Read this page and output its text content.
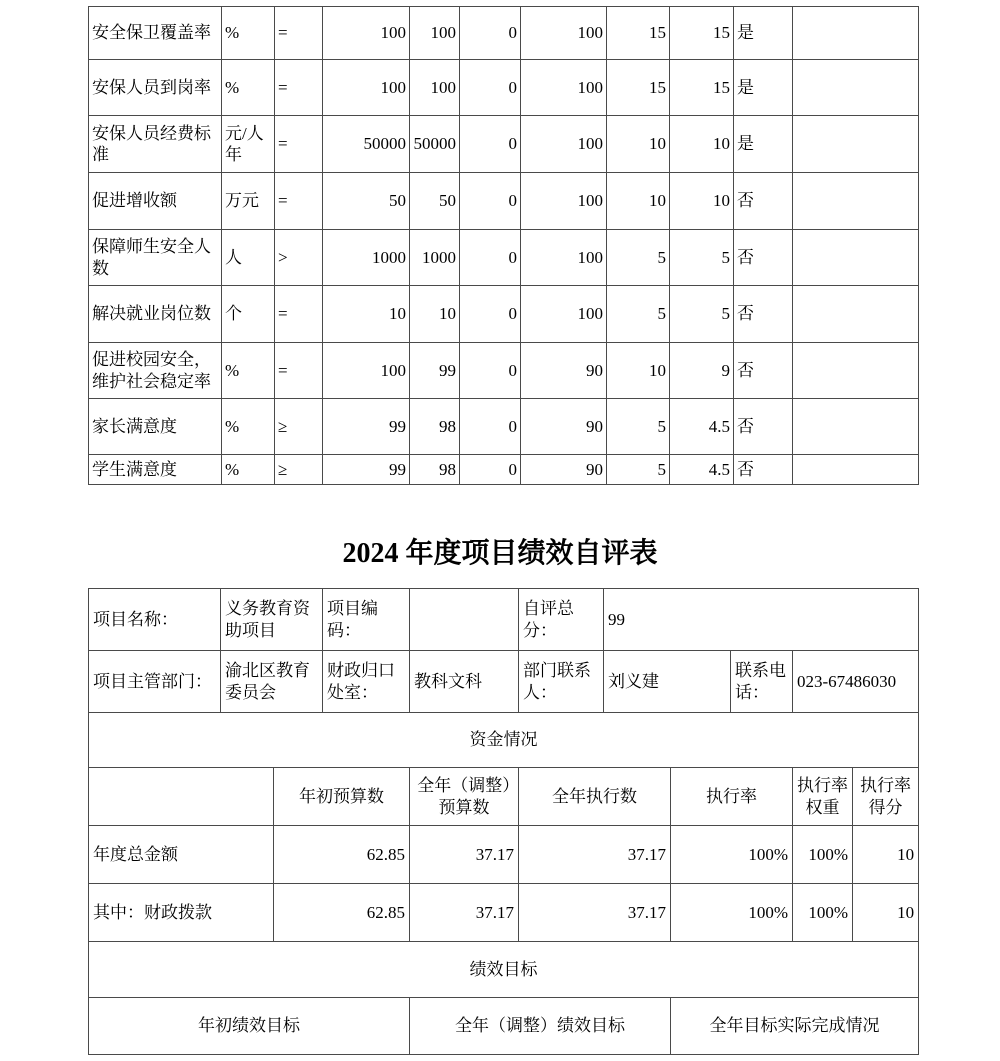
安全保卫覆盖率	%	=	100	100	0	100	15	15	是	
安保人员到岗率	%	=	100	100	0	100	15	15	是	
安保人员经费标准	元/人年	=	50000	50000	0	100	10	10	是	
促进增收额	万元	=	50	50	0	100	10	10	否	
保障师生安全人数	人	>	1000	1000	0	100	5	5	否	
解决就业岗位数	个	=	10	10	0	100	5	5	否	
促进校园安全，维护社会稳定率	%	=	100	99	0	90	10	9	否	
家长满意度	%	≥	99	98	0	90	5	4.5	否	
学生满意度	%	≥	99	98	0	90	5	4.5	否	
2024 年度项目绩效自评表
项目名称：	义务教育资助项目		项目编码：		自评总分：	99				
项目主管部门：	渝北区教育委员会		财政归口处室：	教科文科	部门联系人：	刘义建		联系电话：	023-67486030	
资金情况										
		年初预算数		全年（调整）预算数	全年执行数		执行率		执行率权重	执行率得分
年度总金额		62.85		37.17	37.17		100%		100%	10
其中：财政拨款		62.85		37.17	37.17		100%		100%	10
绩效目标										
年初绩效目标				全年（调整）绩效目标			全年目标实际完成情况			
